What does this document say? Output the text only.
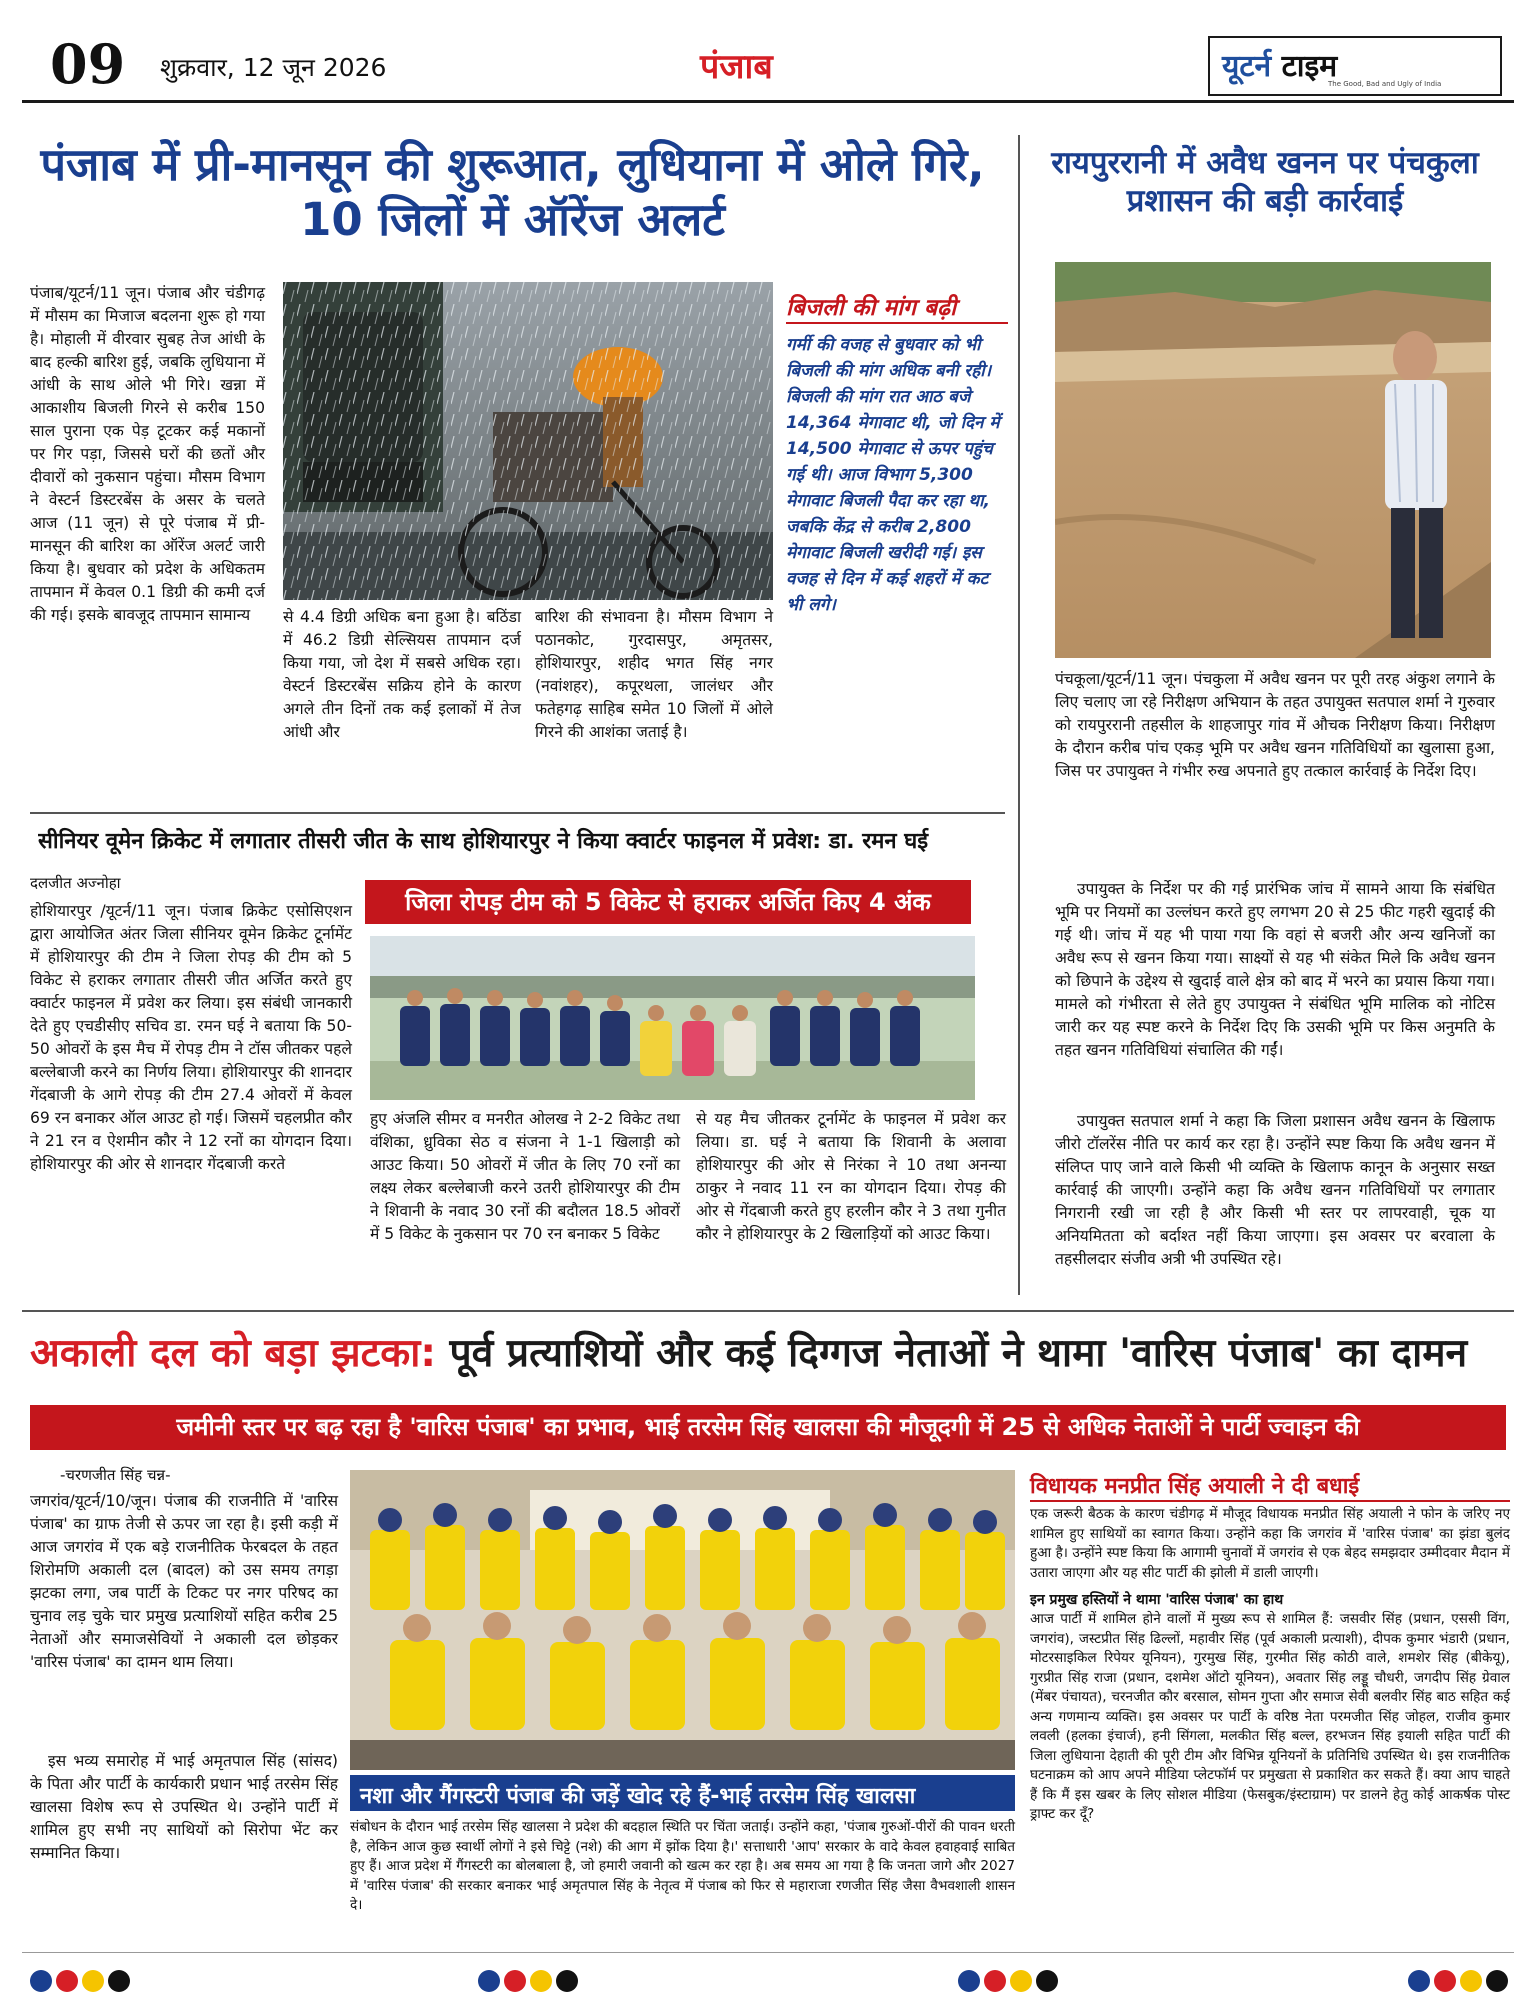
09 शुक्रवार, 12 जून 2026	पंजाब	यूटर्न टाइम
The Good, Bad and Ugly of India
पंजाब में प्री-मानसून की शुरूआत, लुधियाना में ओले गिरे, 10 जिलों में ऑरेंज अलर्ट
पंजाब/यूटर्न/11 जून। पंजाब और चंडीगढ़ में मौसम का मिजाज बदलना शुरू हो गया है। मोहाली में वीरवार सुबह तेज आंधी के बाद हल्की बारिश हुई, जबकि लुधियाना में आंधी के साथ ओले भी गिरे। खन्ना में आकाशीय बिजली गिरने से करीब 150 साल पुराना एक पेड़ टूटकर कई मकानों पर गिर पड़ा, जिससे घरों की छतों और दीवारों को नुकसान पहुंचा। मौसम विभाग ने वेस्टर्न डिस्टरबेंस के असर के चलते आज (11 जून) से पूरे पंजाब में प्री-मानसून की बारिश का ऑरेंज अलर्ट जारी किया है। बुधवार को प्रदेश के अधिकतम तापमान में केवल 0.1 डिग्री की कमी दर्ज की गई। इसके बावजूद तापमान सामान्य	से 4.4 डिग्री अधिक बना हुआ है। बठिंडा में 46.2 डिग्री सेल्सियस तापमान दर्ज किया गया, जो देश में सबसे अधिक रहा। वेस्टर्न डिस्टरबेंस सक्रिय होने के कारण अगले तीन दिनों तक कई इलाकों में तेज आंधी और
बारिश की संभावना है। मौसम विभाग ने पठानकोट, गुरदासपुर, अमृतसर, होशियारपुर, शहीद भगत सिंह नगर (नवांशहर), कपूरथला, जालंधर और फतेहगढ़ साहिब समेत 10 जिलों में ओले गिरने की आशंका जताई है।
बिजली की मांग बढ़ी
गर्मी की वजह से बुधवार को भी बिजली की मांग अधिक बनी रही। बिजली की मांग रात आठ बजे 14,364 मेगावाट थी, जो दिन में 14,500 मेगावाट से ऊपर पहुंच गई थी। आज विभाग 5,300 मेगावाट बिजली पैदा कर रहा था, जबकि केंद्र से करीब 2,800 मेगावाट बिजली खरीदी गई। इस वजह से दिन में कई शहरों में कट भी लगे।
रायपुररानी में अवैध खनन पर पंचकुला प्रशासन की बड़ी कार्रवाई
पंचकूला/यूटर्न/11 जून। पंचकुला में अवैध खनन पर पूरी तरह अंकुश लगाने के लिए चलाए जा रहे निरीक्षण अभियान के तहत उपायुक्त सतपाल शर्मा ने गुरुवार को रायपुररानी तहसील के शाहजापुर गांव में औचक निरीक्षण किया। निरीक्षण के दौरान करीब पांच एकड़ भूमि पर अवैध खनन गतिविधियों का खुलासा हुआ, जिस पर उपायुक्त ने गंभीर रुख अपनाते हुए तत्काल कार्रवाई के निर्देश दिए।
उपायुक्त के निर्देश पर की गई प्रारंभिक जांच में सामने आया कि संबंधित भूमि पर नियमों का उल्लंघन करते हुए लगभग 20 से 25 फीट गहरी खुदाई की गई थी। जांच में यह भी पाया गया कि वहां से बजरी और अन्य खनिजों का अवैध रूप से खनन किया गया। साक्ष्यों से यह भी संकेत मिले कि अवैध खनन को छिपाने के उद्देश्य से खुदाई वाले क्षेत्र को बाद में भरने का प्रयास किया गया। मामले को गंभीरता से लेते हुए उपायुक्त ने संबंधित भूमि मालिक को नोटिस जारी कर यह स्पष्ट करने के निर्देश दिए कि उसकी भूमि पर किस अनुमति के तहत खनन गतिविधियां संचालित की गईं।
उपायुक्त सतपाल शर्मा ने कहा कि जिला प्रशासन अवैध खनन के खिलाफ जीरो टॉलरेंस नीति पर कार्य कर रहा है। उन्होंने स्पष्ट किया कि अवैध खनन में संलिप्त पाए जाने वाले किसी भी व्यक्ति के खिलाफ कानून के अनुसार सख्त कार्रवाई की जाएगी। उन्होंने कहा कि अवैध खनन गतिविधियों पर लगातार निगरानी रखी जा रही है और किसी भी स्तर पर लापरवाही, चूक या अनियमितता को बर्दाश्त नहीं किया जाएगा। इस अवसर पर बरवाला के तहसीलदार संजीव अत्री भी उपस्थित रहे।
सीनियर वूमेन क्रिकेट में लगातार तीसरी जीत के साथ होशियारपुर ने किया क्वार्टर फाइनल में प्रवेश: डा. रमन घई
दलजीत अज्नोहा
होशियारपुर /यूटर्न/11 जून। पंजाब क्रिकेट एसोसिएशन द्वारा आयोजित अंतर जिला सीनियर वूमेन क्रिकेट टूर्नामेंट में होशियारपुर की टीम ने जिला रोपड़ की टीम को 5 विकेट से हराकर लगातार तीसरी जीत अर्जित करते हुए क्वार्टर फाइनल में प्रवेश कर लिया। इस संबंधी जानकारी देते हुए एचडीसीए सचिव डा. रमन घई ने बताया कि 50-50 ओवरों के इस मैच में रोपड़ टीम ने टॉस जीतकर पहले बल्लेबाजी करने का निर्णय लिया। होशियारपुर की शानदार गेंदबाजी के आगे रोपड़ की टीम 27.4 ओवरों में केवल 69 रन बनाकर ऑल आउट हो गई। जिसमें चहलप्रीत कौर ने 21 रन व ऐशमीन कौर ने 12 रनों का योगदान दिया। होशियारपुर की ओर से शानदार गेंदबाजी करते
जिला रोपड़ टीम को 5 विकेट से हराकर अर्जित किए 4 अंक
हुए अंजलि सीमर व मनरीत ओलख ने 2-2 विकेट तथा वंशिका, ध्रुविका सेठ व संजना ने 1-1 खिलाड़ी को आउट किया। 50 ओवरों में जीत के लिए 70 रनों का लक्ष्य लेकर बल्लेबाजी करने उतरी होशियारपुर की टीम ने शिवानी के नवाद 30 रनों की बदौलत 18.5 ओवरों में 5 विकेट के नुकसान पर 70 रन बनाकर 5 विकेट
से यह मैच जीतकर टूर्नामेंट के फाइनल में प्रवेश कर लिया। डा. घई ने बताया कि शिवानी के अलावा होशियारपुर की ओर से निरंका ने 10 तथा अनन्या ठाकुर ने नवाद 11 रन का योगदान दिया। रोपड़ की ओर से गेंदबाजी करते हुए हरलीन कौर ने 3 तथा गुनीत कौर ने होशियारपुर के 2 खिलाड़ियों को आउट किया।
अकाली दल को बड़ा झटका: पूर्व प्रत्याशियों और कई दिग्गज नेताओं ने थामा 'वारिस पंजाब' का दामन
जमीनी स्तर पर बढ़ रहा है 'वारिस पंजाब' का प्रभाव, भाई तरसेम सिंह खालसा की मौजूदगी में 25 से अधिक नेताओं ने पार्टी ज्वाइन की
-चरणजीत सिंह चन्न-
जगरांव/यूटर्न/10/जून। पंजाब की राजनीति में 'वारिस पंजाब' का ग्राफ तेजी से ऊपर जा रहा है। इसी कड़ी में आज जगरांव में एक बड़े राजनीतिक फेरबदल के तहत शिरोमणि अकाली दल (बादल) को उस समय तगड़ा झटका लगा, जब पार्टी के टिकट पर नगर परिषद का चुनाव लड़ चुके चार प्रमुख प्रत्याशियों सहित करीब 25 नेताओं और समाजसेवियों ने अकाली दल छोड़कर 'वारिस पंजाब' का दामन थाम लिया।
इस भव्य समारोह में भाई अमृतपाल सिंह (सांसद) के पिता और पार्टी के कार्यकारी प्रधान भाई तरसेम सिंह खालसा विशेष रूप से उपस्थित थे। उन्होंने पार्टी में शामिल हुए सभी नए साथियों को सिरोपा भेंट कर सम्मानित किया।
नशा और गैंगस्टरी पंजाब की जड़ें खोद रहे हैं-भाई तरसेम सिंह खालसा
संबोधन के दौरान भाई तरसेम सिंह खालसा ने प्रदेश की बदहाल स्थिति पर चिंता जताई। उन्होंने कहा, 'पंजाब गुरुओं-पीरों की पावन धरती है, लेकिन आज कुछ स्वार्थी लोगों ने इसे चिट्टे (नशे) की आग में झोंक दिया है।' सत्ताधारी 'आप' सरकार के वादे केवल हवाहवाई साबित हुए हैं। आज प्रदेश में गैंगस्टरी का बोलबाला है, जो हमारी जवानी को खत्म कर रहा है। अब समय आ गया है कि जनता जागे और 2027 में 'वारिस पंजाब' की सरकार बनाकर भाई अमृतपाल सिंह के नेतृत्व में पंजाब को फिर से महाराजा रणजीत सिंह जैसा वैभवशाली शासन दे।
विधायक मनप्रीत सिंह अयाली ने दी बधाई
एक जरूरी बैठक के कारण चंडीगढ़ में मौजूद विधायक मनप्रीत सिंह अयाली ने फोन के जरिए नए शामिल हुए साथियों का स्वागत किया। उन्होंने कहा कि जगरांव में 'वारिस पंजाब' का झंडा बुलंद हुआ है। उन्होंने स्पष्ट किया कि आगामी चुनावों में जगरांव से एक बेहद समझदार उम्मीदवार मैदान में उतारा जाएगा और यह सीट पार्टी की झोली में डाली जाएगी।
इन प्रमुख हस्तियों ने थामा 'वारिस पंजाब' का हाथ
आज पार्टी में शामिल होने वालों में मुख्य रूप से शामिल हैं: जसवीर सिंह (प्रधान, एससी विंग, जगरांव), जस्टप्रीत सिंह ढिल्लों, महावीर सिंह (पूर्व अकाली प्रत्याशी), दीपक कुमार भंडारी (प्रधान, मोटरसाइकिल रिपेयर यूनियन), गुरमुख सिंह, गुरमीत सिंह कोठी वाले, शमशेर सिंह (बीकेयू), गुरप्रीत सिंह राजा (प्रधान, दशमेश ऑटो यूनियन), अवतार सिंह लड्डू चौधरी, जगदीप सिंह ग्रेवाल (मेंबर पंचायत), चरनजीत कौर बरसाल, सोमन गुप्ता और समाज सेवी बलवीर सिंह बाठ सहित कई अन्य गणमान्य व्यक्ति। इस अवसर पर पार्टी के वरिष्ठ नेता परमजीत सिंह जोहल, राजीव कुमार लवली (हलका इंचार्ज), हनी सिंगला, मलकीत सिंह बल्ल, हरभजन सिंह इयाली सहित पार्टी की जिला लुधियाना देहाती की पूरी टीम और विभिन्न यूनियनों के प्रतिनिधि उपस्थित थे। इस राजनीतिक घटनाक्रम को आप अपने मीडिया प्लेटफॉर्म पर प्रमुखता से प्रकाशित कर सकते हैं। क्या आप चाहते हैं कि मैं इस खबर के लिए सोशल मीडिया (फेसबुक/इंस्टाग्राम) पर डालने हेतु कोई आकर्षक पोस्ट ड्राफ्ट कर दूँ?
